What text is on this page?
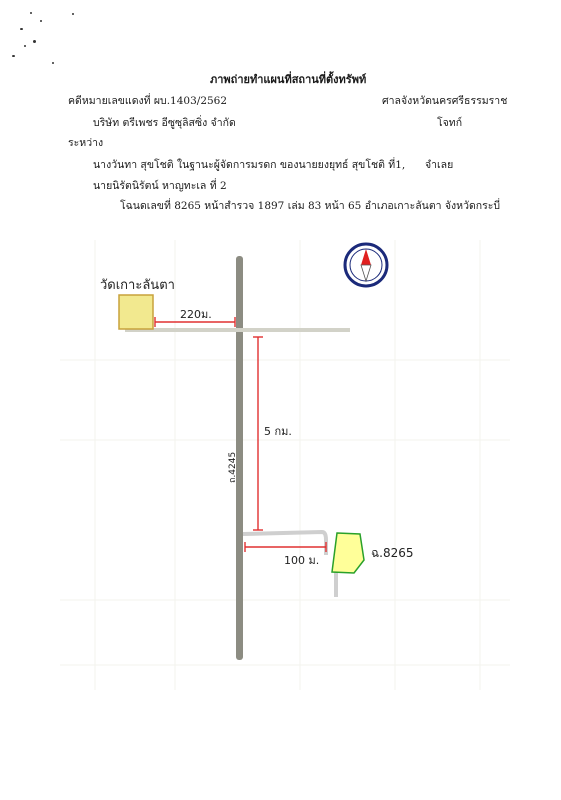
ภาพถ่ายทำแผนที่สถานที่ตั้งทรัพท์
คดีหมายเลขแดงที่ ผบ.1403/2562	ศาลจังหวัดนครศรีธรรมราช
บริษัท ตรีเพชร อีซูซุลิสซิ่ง จำกัด	โจทก์
ระหว่าง
นางวันทา สุขโชติ ในฐานะผู้จัดการมรดก ของนายยงยุทธ์ สุขโชติ ที่1, จำเลย
นายนิรัตนิรัตน์ หาญทะเล ที่ 2
โฉนดเลขที่ 8265 หน้าสำรวจ 1897 เล่ม 83 หน้า 65 อำเภอเกาะลันตา จังหวัดกระบี่
วัดเกาะลันตา
220ม.
5 กม.
ถ.4245
100 ม.
ฉ.8265
